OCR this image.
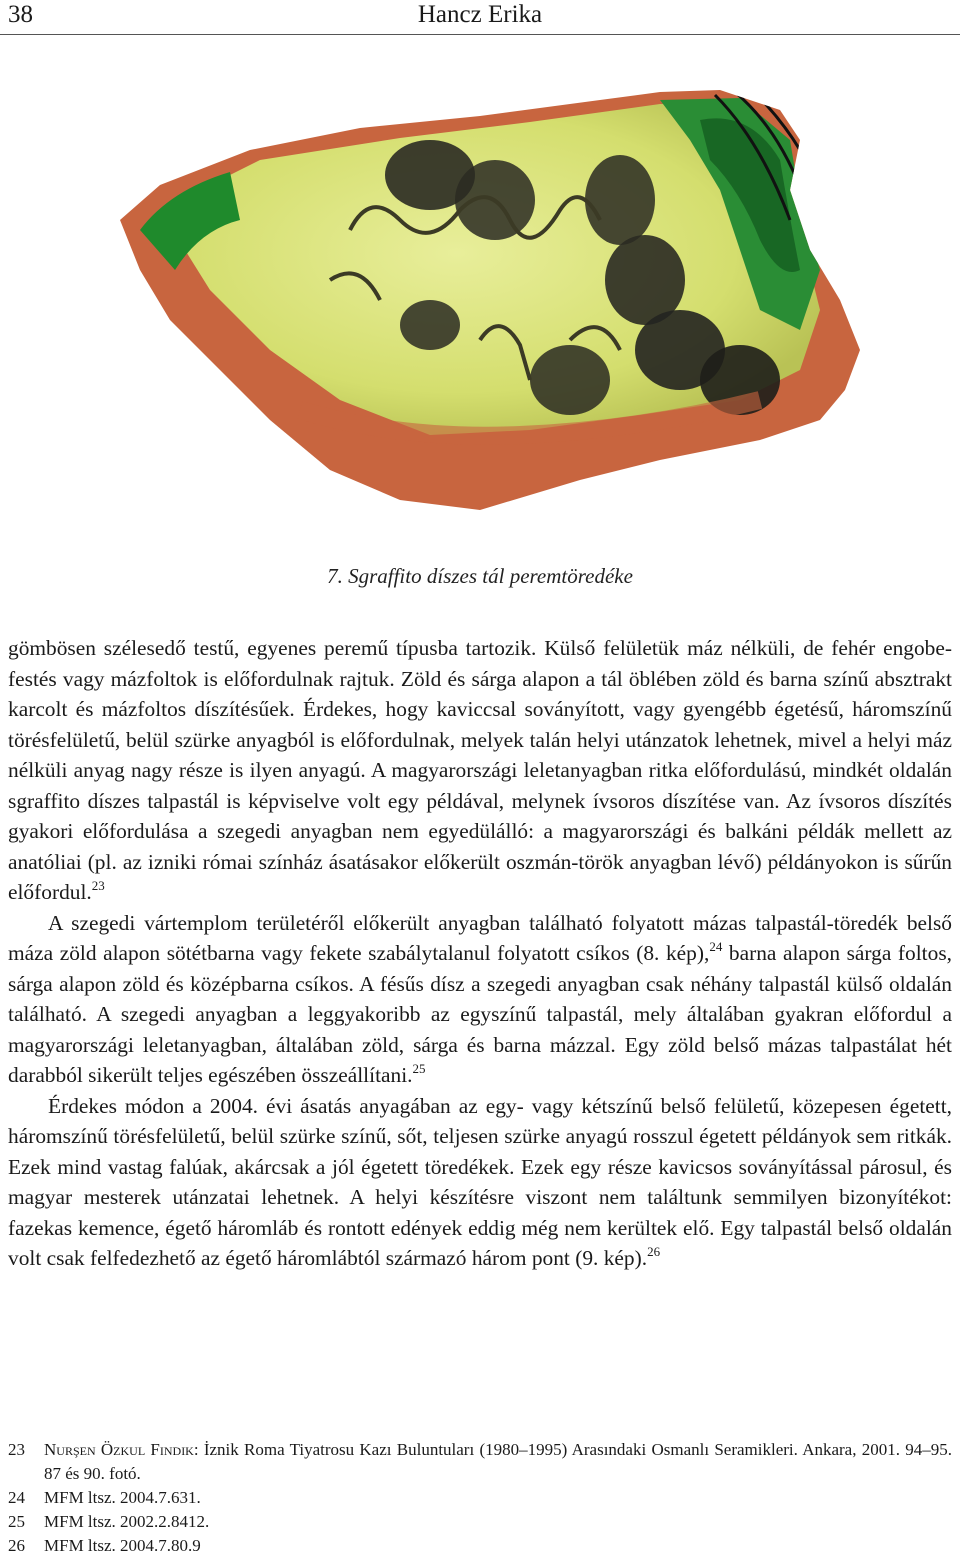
38	Hancz Erika
7. Sgraffito díszes tál peremtöredéke

gömbösen szélesedő testű, egyenes peremű típusba tartozik. Külső felületük máz nélküli, de fehér engobe-festés vagy mázfoltok is előfordulnak rajtuk. Zöld és sárga alapon a tál öblében zöld és barna színű absztrakt karcolt és mázfoltos díszítésűek. Érdekes, hogy kaviccsal soványított, vagy gyengébb égetésű, háromszínű törésfelületű, belül szürke anyagból is előfordulnak, melyek talán helyi utánzatok lehetnek, mivel a helyi máz nélküli anyag nagy része is ilyen anyagú. A magyarországi leletanyagban ritka előfordulású, mindkét oldalán sgraffito díszes talpastál is képviselve volt egy példával, melynek ívsoros díszítése van. Az ívsoros díszítés gyakori előfordulása a szegedi anyagban nem egyedülálló: a magyarországi és balkáni példák mellett az anatóliai (pl. az izniki római színház ásatásakor előkerült oszmán-török anyagban lévő) példányokon is sűrűn előfordul.$^{23}$

A szegedi vártemplom területéről előkerült anyagban található folyatott mázas talpastál-töredék belső máza zöld alapon sötétbarna vagy fekete szabálytalanul folyatott csíkos (8. kép),$^{24}$ barna alapon sárga foltos, sárga alapon zöld és középbarna csíkos. A fésűs dísz a szegedi anyagban csak néhány talpastál külső oldalán található. A szegedi anyagban a leggyakoribb az egyszínű talpastál, mely általában gyakran előfordul a magyarországi leletanyagban, általában zöld, sárga és barna mázzal. Egy zöld belső mázas talpastálat hét darabból sikerült teljes egészében összeállítani.$^{25}$

Érdekes módon a 2004. évi ásatás anyagában az egy- vagy kétszínű belső felületű, közepesen égetett, háromszínű törésfelületű, belül szürke színű, sőt, teljesen szürke anyagú rosszul égetett példányok sem ritkák. Ezek mind vastag falúak, akárcsak a jól égetett töredékek. Ezek egy része kavicsos soványítással párosul, és magyar mesterek utánzatai lehetnek. A helyi készítésre viszont nem találtunk semmilyen bizonyítékot: fazekas kemence, égető háromláb és rontott edények eddig még nem kerültek elő. Egy talpastál belső oldalán volt csak felfedezhető az égető háromlábtól származó három pont (9. kép).$^{26}$

23 Nurşen Özkul Fındık: İznik Roma Tiyatrosu Kazı Buluntuları (1980–1995) Arasındaki Osmanlı Seramikleri. Ankara, 2001. 94–95. 87 és 90. fotó.
24 MFM ltsz. 2004.7.631.
25 MFM ltsz. 2002.2.8412.
26 MFM ltsz. 2004.7.80.9
